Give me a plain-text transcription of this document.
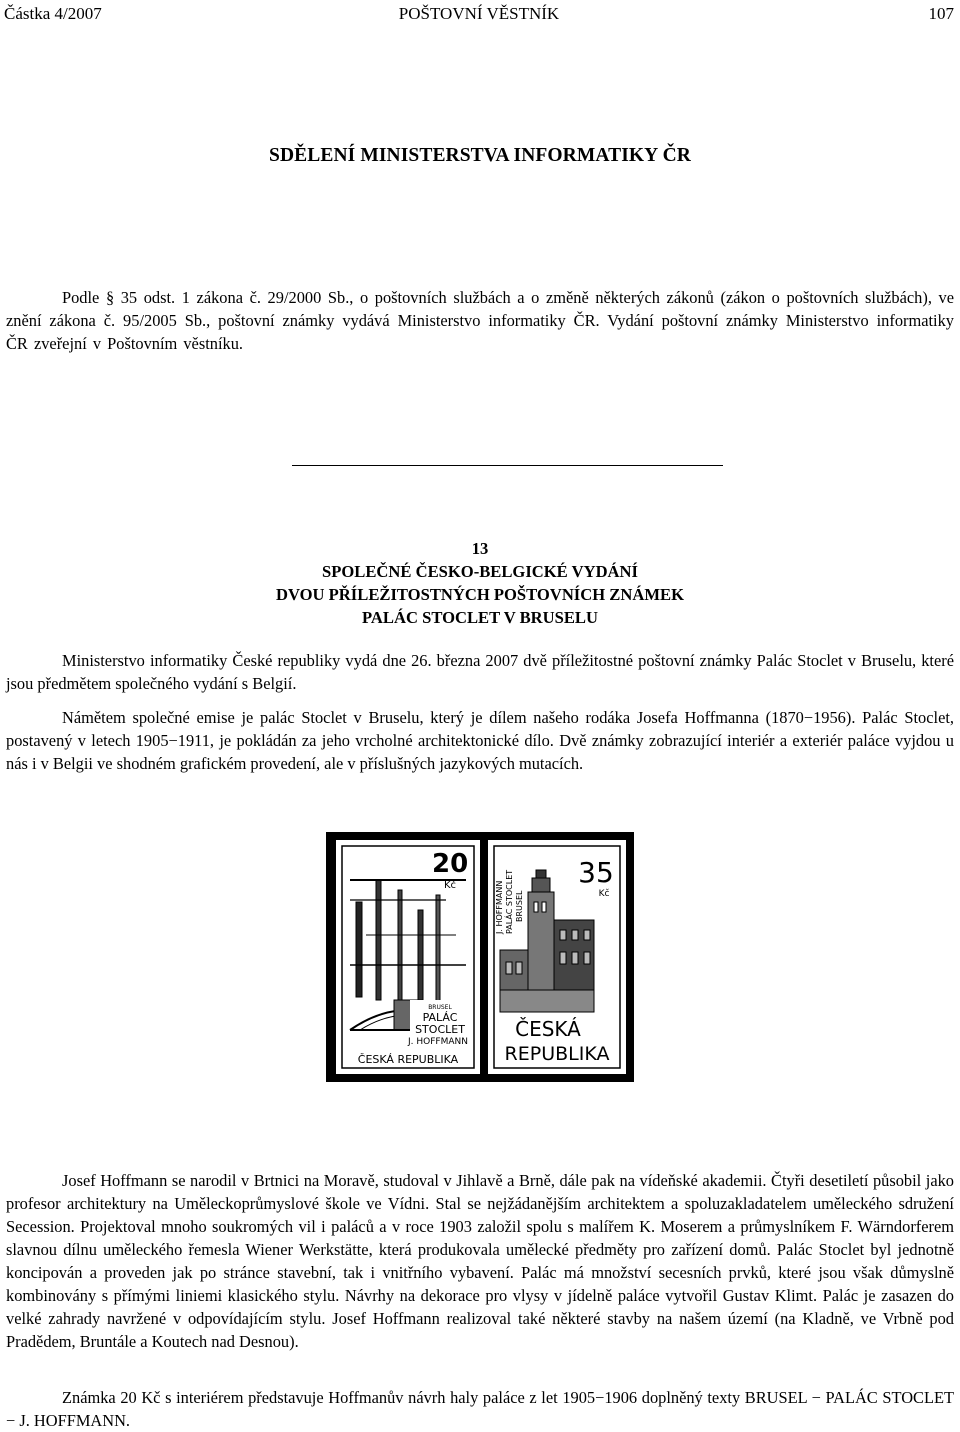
Částka 4/2007	POŠTOVNÍ VĚSTNÍK	107
SDĚLENÍ MINISTERSTVA INFORMATIKY ČR

Podle § 35 odst. 1 zákona č. 29/2000 Sb., o poštovních službách a o změně některých zákonů (zákon o poštovních službách), ve znění zákona č. 95/2005 Sb., poštovní známky vydává Ministerstvo informatiky ČR. Vydání poštovní známky Ministerstvo informatiky ČR zveřejní v Poštovním věstníku.

13
SPOLEČNÉ ČESKO-BELGICKÉ VYDÁNÍ
DVOU PŘÍLEŽITOSTNÝCH POŠTOVNÍCH ZNÁMEK
PALÁC STOCLET V BRUSELU

Ministerstvo informatiky České republiky vydá dne 26. března 2007 dvě příležitostné poštovní známky Palác Stoclet v Bruselu, které jsou předmětem společného vydání s Belgií.

Námětem společné emise je palác Stoclet v Bruselu, který je dílem našeho rodáka Josefa Hoffmanna (1870−1956). Palác Stoclet, postavený v letech 1905−1911, je pokládán za jeho vrcholné architektonické dílo. Dvě známky zobrazující interiér a exteriér paláce vyjdou u nás i v Belgii ve shodném grafickém provedení, ale v příslušných jazykových mutacích.

20
Kč
BRUSEL
PALÁC
STOCLET
J. HOFFMANN
ČESKÁ REPUBLIKA
35
Kč
J. HOFFMANN PALÁC STOCLET BRUSEL
ČESKÁ
REPUBLIKA

Josef Hoffmann se narodil v Brtnici na Moravě, studoval v Jihlavě a Brně, dále pak na vídeňské akademii. Čtyři desetiletí působil jako profesor architektury na Uměleckoprůmyslové škole ve Vídni. Stal se nejžádanějším architektem a spoluzakladatelem uměleckého sdružení Secession. Projektoval mnoho soukromých vil i paláců a v roce 1903 založil spolu s malířem K. Moserem a průmyslníkem F. Wärndorferem slavnou dílnu uměleckého řemesla Wiener Werkstätte, která produkovala umělecké předměty pro zařízení domů. Palác Stoclet byl jednotně koncipován a proveden jak po stránce stavební, tak i vnitřního vybavení. Palác má množství secesních prvků, které jsou však důmyslně kombinovány s přímými liniemi klasického stylu. Návrhy na dekorace pro vlysy v jídelně paláce vytvořil Gustav Klimt. Palác je zasazen do velké zahrady navržené v odpovídajícím stylu. Josef Hoffmann realizoval také některé stavby na našem území (na Kladně, ve Vrbně pod Pradědem, Bruntále a Koutech nad Desnou).

Známka 20 Kč s interiérem představuje Hoffmanův návrh haly paláce z let 1905−1906 doplněný texty BRUSEL − PALÁC STOCLET − J. HOFFMANN.
